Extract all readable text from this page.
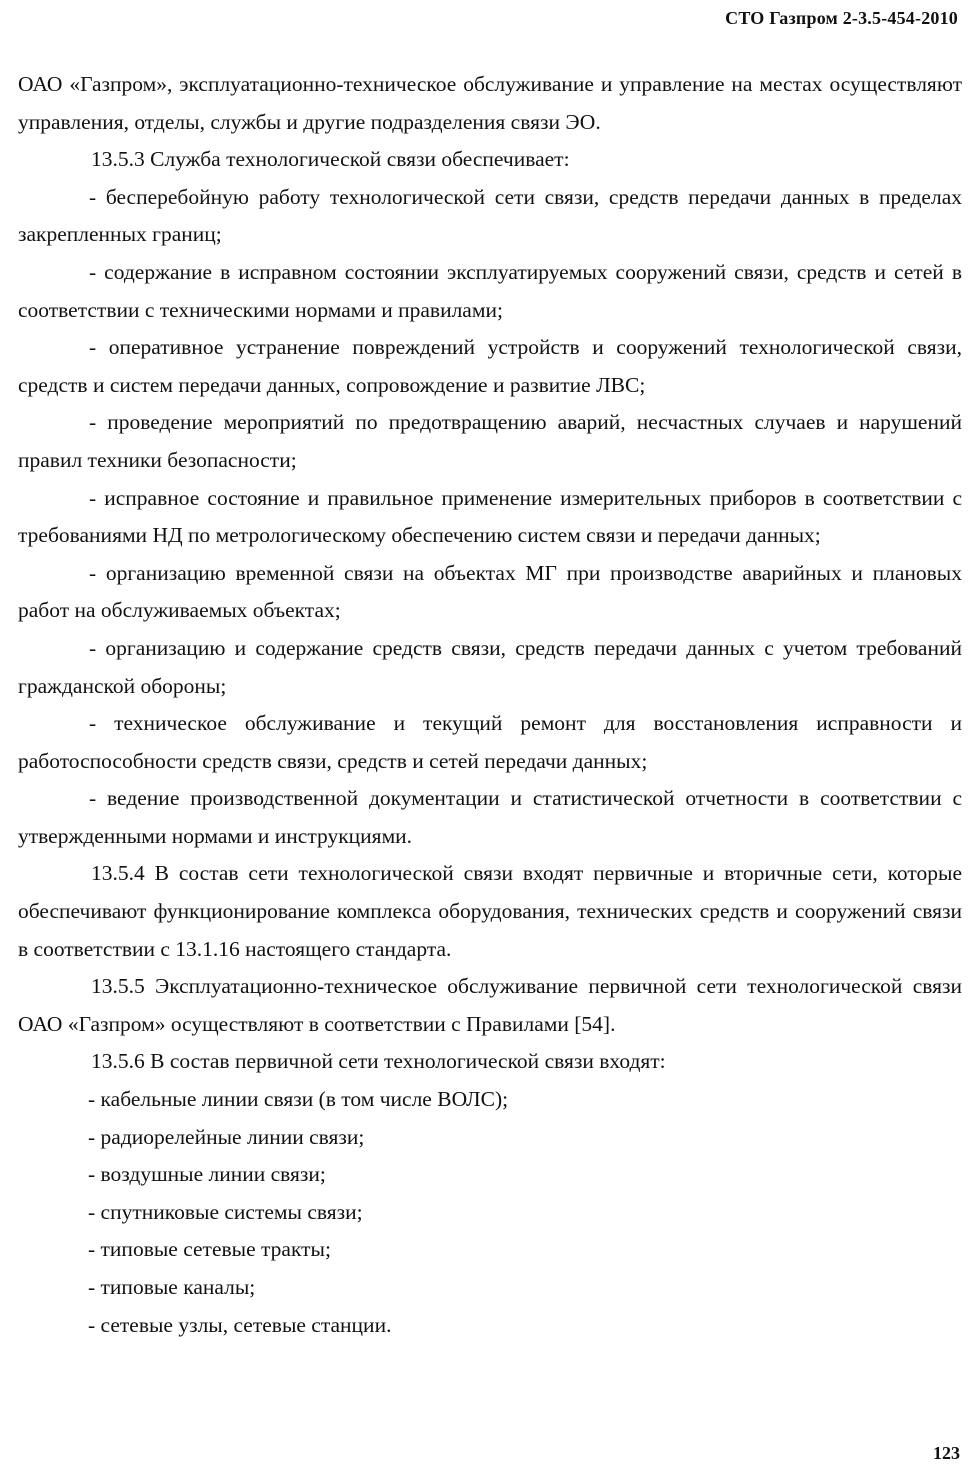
СТО Газпром 2-3.5-454-2010

ОАО «Газпром», эксплуатационно-техническое обслуживание и управление на местах осуществляют управления, отделы, службы и другие подразделения связи ЭО.

13.5.3 Служба технологической связи обеспечивает:

- бесперебойную работу технологической сети связи, средств передачи данных в пределах закрепленных границ;

- содержание в исправном состоянии эксплуатируемых сооружений связи, средств и сетей в соответствии с техническими нормами и правилами;

- оперативное устранение повреждений устройств и сооружений технологической связи, средств и систем передачи данных, сопровождение и развитие ЛВС;

- проведение мероприятий по предотвращению аварий, несчастных случаев и нарушений правил техники безопасности;

- исправное состояние и правильное применение измерительных приборов в соответствии с требованиями НД по метрологическому обеспечению систем связи и передачи данных;

- организацию временной связи на объектах МГ при производстве аварийных и плановых работ на обслуживаемых объектах;

- организацию и содержание средств связи, средств передачи данных с учетом требований гражданской обороны;

- техническое обслуживание и текущий ремонт для восстановления исправности и работоспособности средств связи, средств и сетей передачи данных;

- ведение производственной документации и статистической отчетности в соответствии с утвержденными нормами и инструкциями.

13.5.4 В состав сети технологической связи входят первичные и вторичные сети, которые обеспечивают функционирование комплекса оборудования, технических средств и сооружений связи в соответствии с 13.1.16 настоящего стандарта.

13.5.5 Эксплуатационно-техническое обслуживание первичной сети технологической связи ОАО «Газпром» осуществляют в соответствии с Правилами [54].

13.5.6 В состав первичной сети технологической связи входят:

- кабельные линии связи (в том числе ВОЛС);

- радиорелейные линии связи;

- воздушные линии связи;

- спутниковые системы связи;

- типовые сетевые тракты;

- типовые каналы;

- сетевые узлы, сетевые станции.

123
